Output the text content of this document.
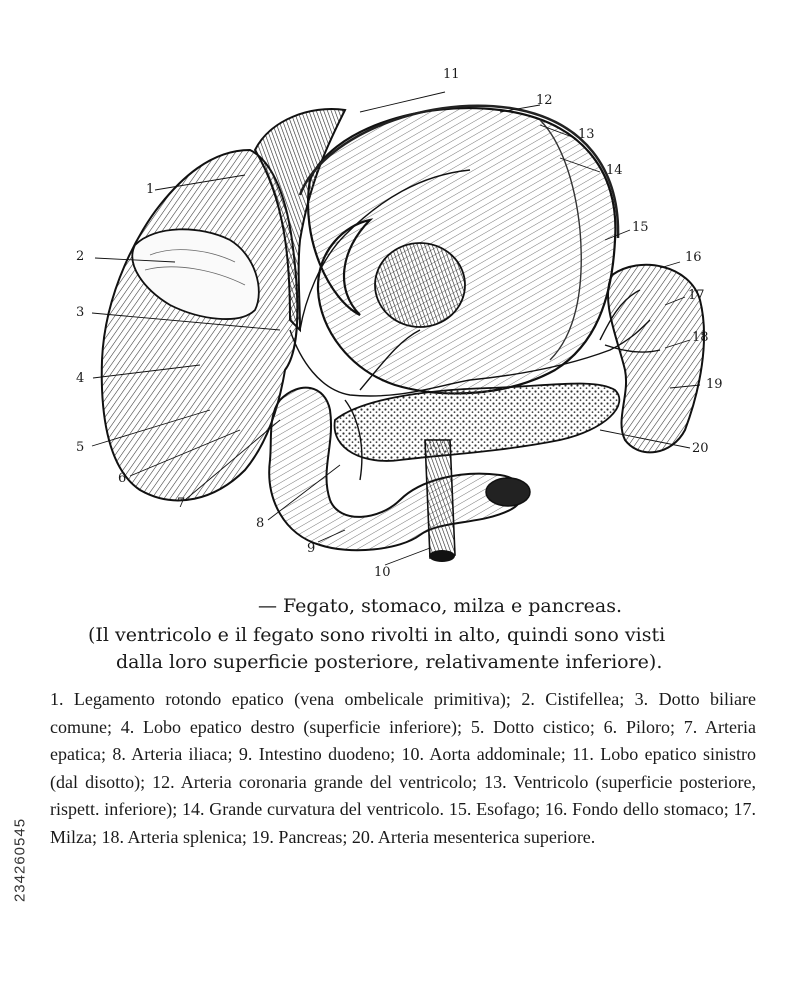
1
2
3
4
5
6
7
8
9
10
11
12
13
14
15
16
17
18
19
20
— Fegato, stomaco, milza e pancreas.
(Il ventricolo e il fegato sono rivolti in alto, quindi sono visti
dalla loro superficie posteriore, relativamente inferiore).
1. Legamento rotondo epatico (vena ombelicale primitiva); 2. Cistifellea; 3. Dotto biliare comune; 4. Lobo epatico destro (superficie inferiore); 5. Dotto cistico; 6. Piloro; 7. Arteria epatica; 8. Arteria iliaca; 9. Intestino duodeno; 10. Aorta addominale; 11. Lobo epatico sinistro (dal disotto); 12. Arteria coronaria grande del ventricolo; 13. Ventricolo (superficie posteriore, rispett. inferiore); 14. Grande curvatura del ventricolo. 15. Esofago; 16. Fondo dello stomaco; 17. Milza; 18. Arteria splenica; 19. Pancreas; 20. Arteria mesenterica superiore.
234260545
